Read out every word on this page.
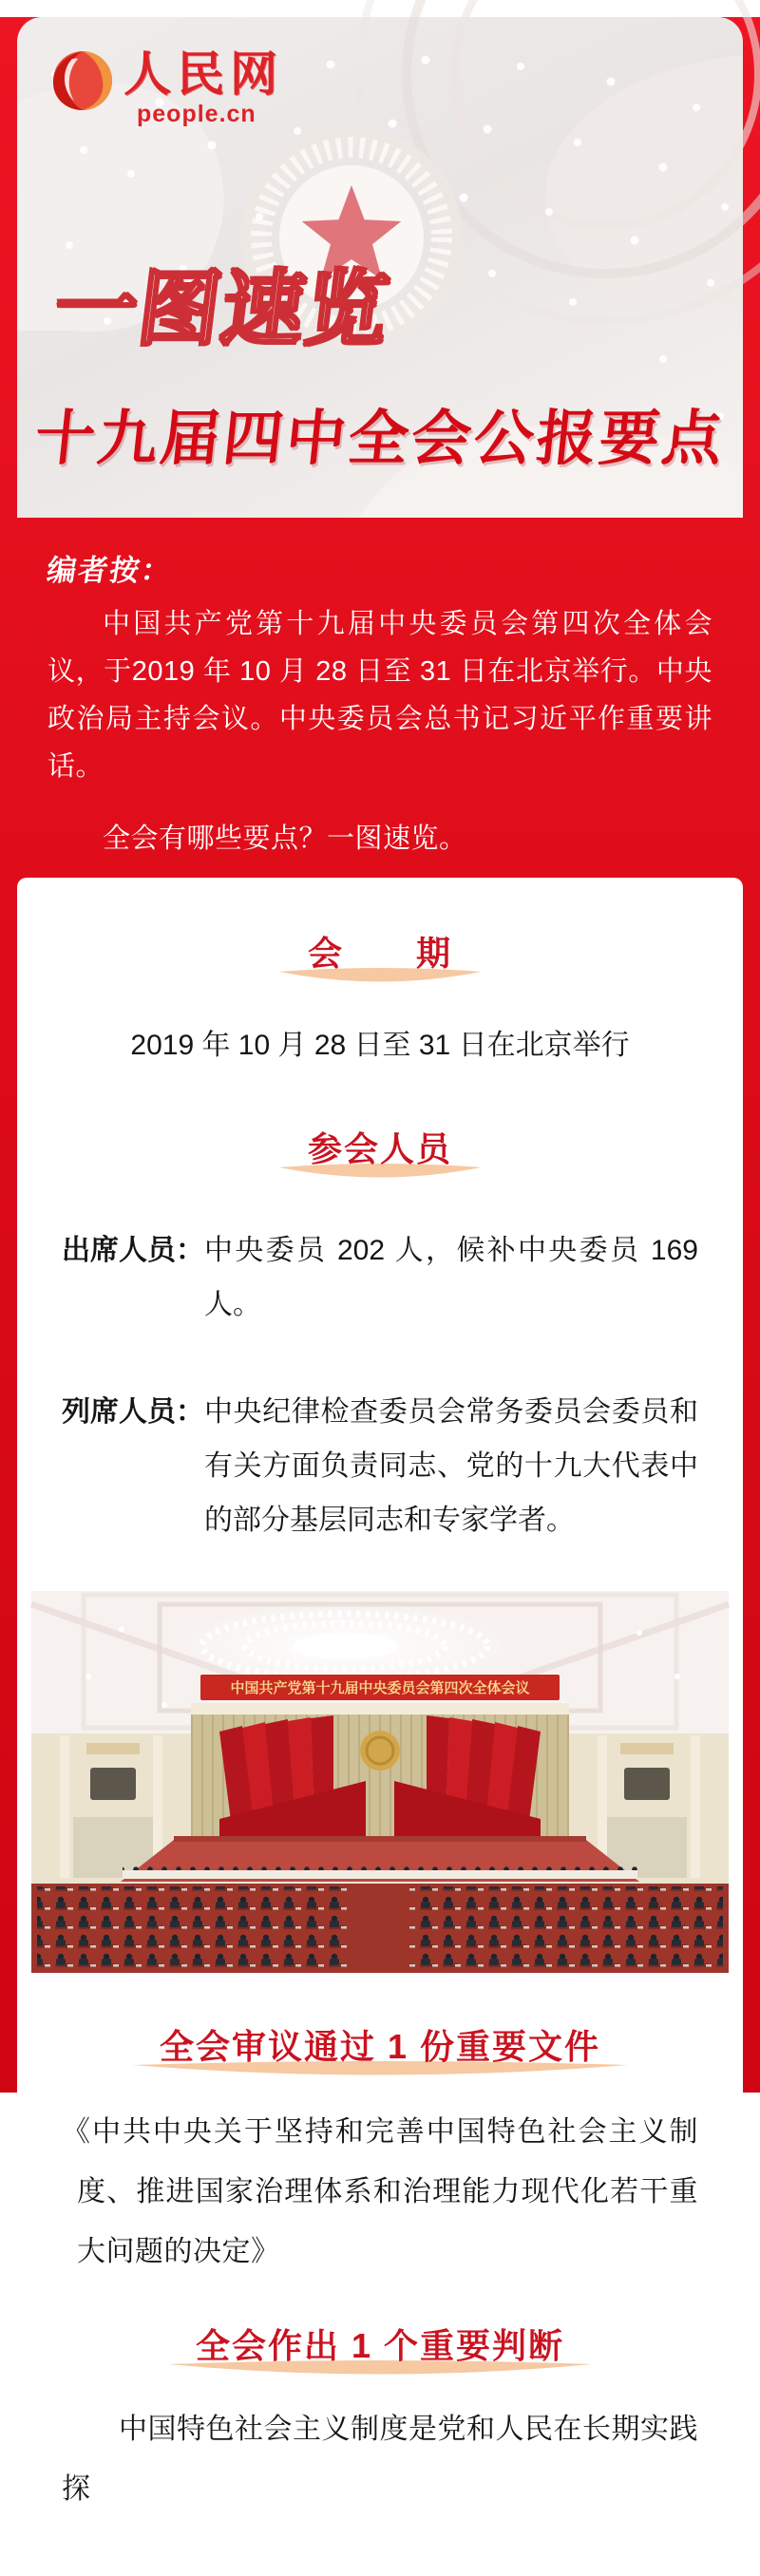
人民网
people.cn
一图速览
十九届四中全会公报要点
编者按：

中国共产党第十九届中央委员会第四次全体会议，于2019 年 10 月 28 日至 31 日在北京举行。中央政治局主持会议。中央委员会总书记习近平作重要讲话。

全会有哪些要点？一图速览。

会　　期

2019 年 10 月 28 日至 31 日在北京举行

参会人员
出席人员： 中央委员 202 人，候补中央委员 169 人。
列席人员： 中央纪律检查委员会常务委员会委员和有关方面负责同志、党的十九大代表中的部分基层同志和专家学者。
中国共产党第十九届中央委员会第四次全体会议
全会审议通过 1 份重要文件

《中共中央关于坚持和完善中国特色社会主义制度、推进国家治理体系和治理能力现代化若干重大问题的决定》

全会作出 1 个重要判断

中国特色社会主义制度是党和人民在长期实践探
